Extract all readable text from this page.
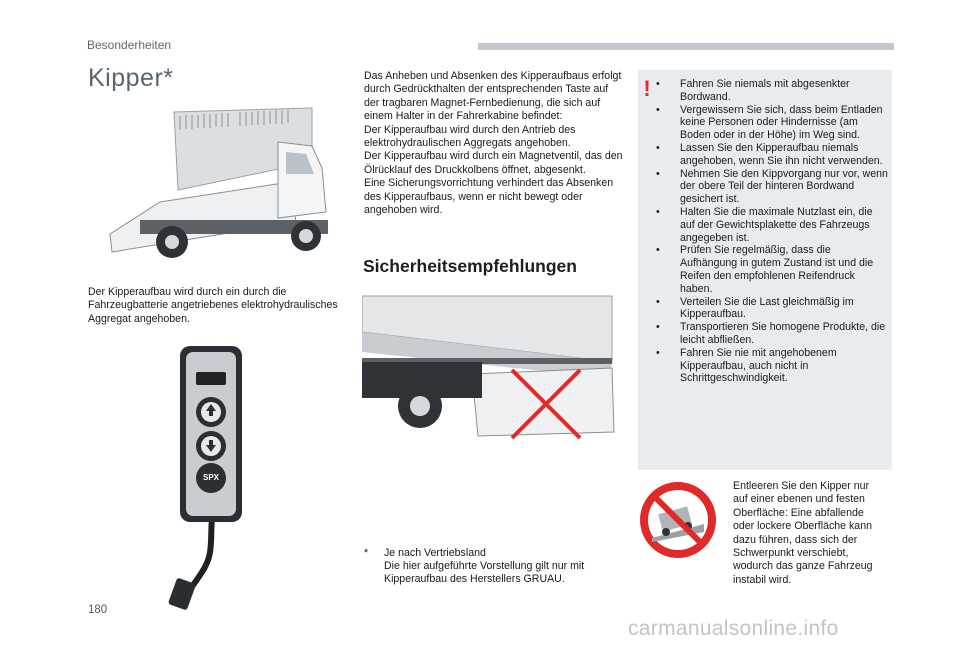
Besonderheiten
Kipper*
Der Kipperaufbau wird durch ein durch die Fahrzeugbatterie angetriebenes elektrohydraulisches Aggregat angehoben.
SPX
Das Anheben und Absenken des Kipperaufbaus erfolgt durch Gedrückthalten der entsprechenden Taste auf der tragbaren Magnet-Fernbedienung, die sich auf einem Halter in der Fahrerkabine befindet:
Der Kipperaufbau wird durch den Antrieb des elektrohydraulischen Aggregats angehoben.
Der Kipperaufbau wird durch ein Magnetventil, das den Ölrücklauf des Druckkolbens öffnet, abgesenkt.
Eine Sicherungsvorrichtung verhindert das Absenken des Kipperaufbaus, wenn er nicht bewegt oder angehoben wird.
Sicherheitsempfehlungen
* Je nach Vertriebsland
Die hier aufgeführte Vorstellung gilt nur mit Kipperaufbau des Herstellers GRUAU.
!
•	Fahren Sie niemals mit abgesenkter Bordwand.
• Vergewissern Sie sich, dass beim Entladen keine Personen oder Hindernisse (am Boden oder in der Höhe) im Weg sind.
• Lassen Sie den Kipperaufbau niemals angehoben, wenn Sie ihn nicht verwenden.
• Nehmen Sie den Kippvorgang nur vor, wenn der obere Teil der hinteren Bordwand gesichert ist.
• Halten Sie die maximale Nutzlast ein, die auf der Gewichtsplakette des Fahrzeugs angegeben ist.
• Prüfen Sie regelmäßig, dass die Aufhängung in gutem Zustand ist und die Reifen den empfohlenen Reifendruck haben.
• Verteilen Sie die Last gleichmäßig im Kipperaufbau.
• Transportieren Sie homogene Produkte, die leicht abfließen.
• Fahren Sie nie mit angehobenem Kipperaufbau, auch nicht in Schrittgeschwindigkeit.
Entleeren Sie den Kipper nur auf einer ebenen und festen Oberfläche: Eine abfallende oder lockere Oberfläche kann dazu führen, dass sich der Schwerpunkt verschiebt, wodurch das ganze Fahrzeug instabil wird.
180
carmanualsonline.info
